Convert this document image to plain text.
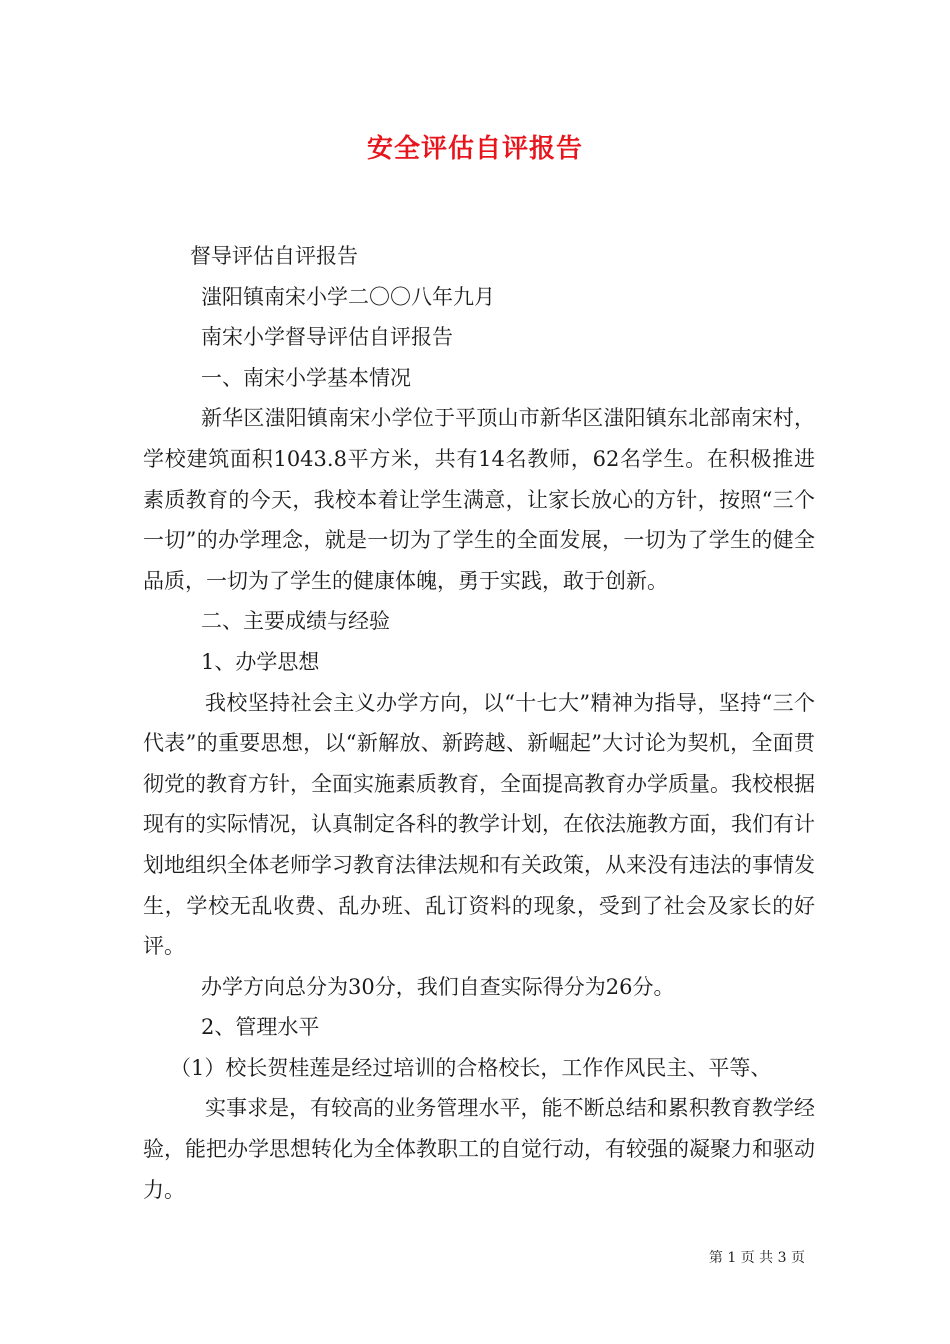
安全评估自评报告

督导评估自评报告

滍阳镇南宋小学二〇〇八年九月

南宋小学督导评估自评报告

一、南宋小学基本情况

新华区滍阳镇南宋小学位于平顶山市新华区滍阳镇东北部南宋村，学校建筑面积1043.8平方米，共有14名教师，62名学生。在积极推进素质教育的今天，我校本着让学生满意，让家长放心的方针，按照“三个一切”的办学理念，就是一切为了学生的全面发展，一切为了学生的健全品质，一切为了学生的健康体魄，勇于实践，敢于创新。

二、主要成绩与经验

1、办学思想

我校坚持社会主义办学方向，以“十七大”精神为指导，坚持“三个代表”的重要思想，以“新解放、新跨越、新崛起”大讨论为契机，全面贯彻党的教育方针，全面实施素质教育，全面提高教育办学质量。我校根据现有的实际情况，认真制定各科的教学计划，在依法施教方面，我们有计划地组织全体老师学习教育法律法规和有关政策，从来没有违法的事情发生，学校无乱收费、乱办班、乱订资料的现象，受到了社会及家长的好评。

办学方向总分为30分，我们自查实际得分为26分。

2、管理水平

（1）校长贺桂莲是经过培训的合格校长，工作作风民主、平等、

实事求是，有较高的业务管理水平，能不断总结和累积教育教学经验，能把办学思想转化为全体教职工的自觉行动，有较强的凝聚力和驱动力。

第 1 页 共 3 页
